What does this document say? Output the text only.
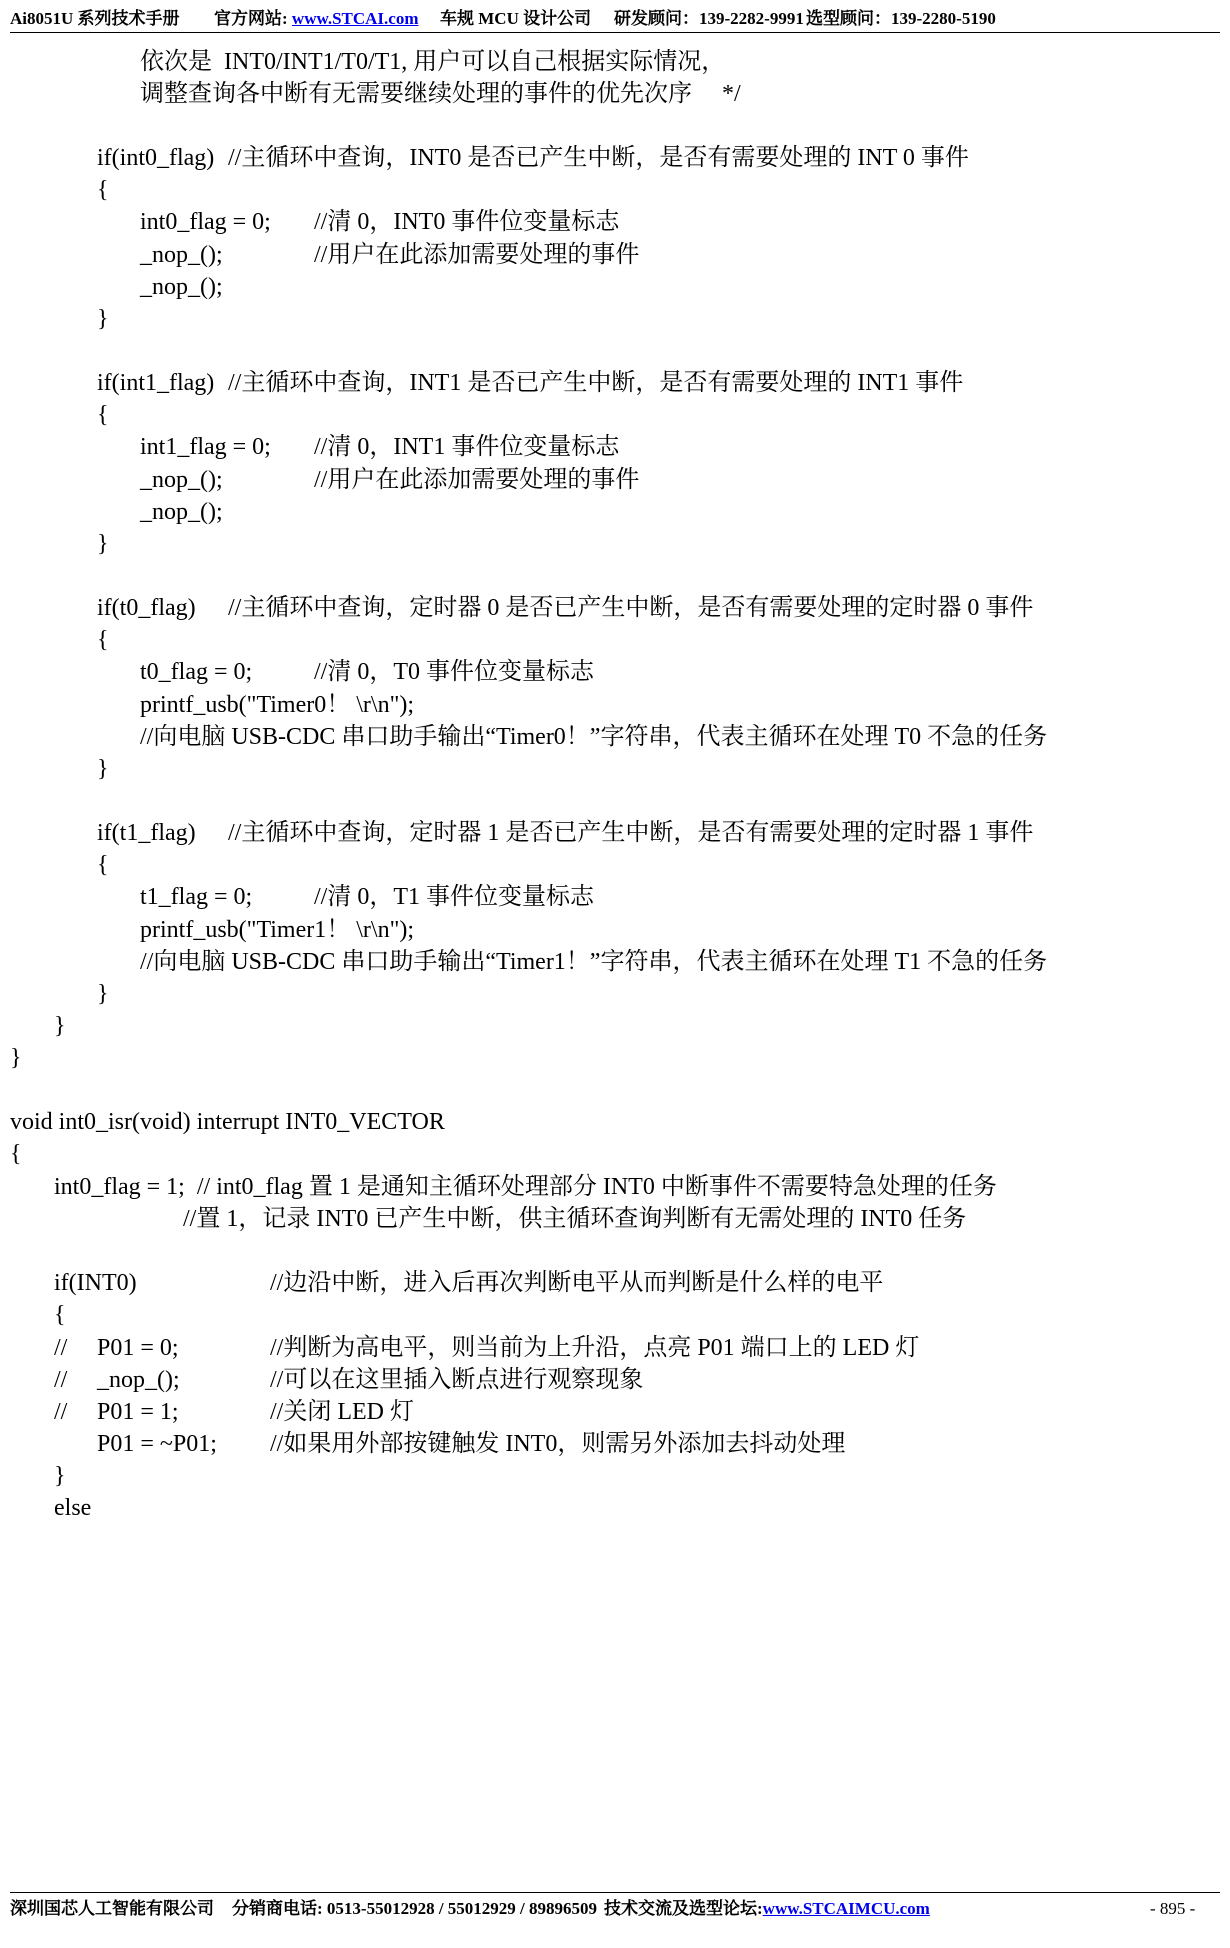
Ai8051U 系列技术手册 官方网站: www.STCAI.com 车规 MCU 设计公司 研发顾问：139-2282-9991 选型顾问：139-2280-5190
依次是  INT0/INT1/T0/T1, 用户可以自己根据实际情况，
调整查询各中断有无需要继续处理的事件的优先次序     */
if(int0_flag) //主循环中查询，INT0 是否已产生中断，是否有需要处理的 INT 0 事件
{
int0_flag = 0; //清 0，INT0 事件位变量标志
_nop_();	//用户在此添加需要处理的事件
_nop_();
}
if(int1_flag) //主循环中查询，INT1 是否已产生中断，是否有需要处理的 INT1 事件
{
int1_flag = 0; //清 0，INT1 事件位变量标志
_nop_();	//用户在此添加需要处理的事件
_nop_();
}
if(t0_flag) //主循环中查询，定时器 0 是否已产生中断，是否有需要处理的定时器 0 事件
{
t0_flag = 0;	//清 0，T0 事件位变量标志
printf_usb("Timer0！ \r\n");
//向电脑 USB-CDC 串口助手输出“Timer0！”字符串，代表主循环在处理 T0 不急的任务
}
if(t1_flag) //主循环中查询，定时器 1 是否已产生中断，是否有需要处理的定时器 1 事件
{
t1_flag = 0;	//清 0，T1 事件位变量标志
printf_usb("Timer1！ \r\n");
//向电脑 USB-CDC 串口助手输出“Timer1！”字符串，代表主循环在处理 T1 不急的任务
}
}
}
void int0_isr(void) interrupt INT0_VECTOR
{
int0_flag = 1;  // int0_flag 置 1 是通知主循环处理部分 INT0 中断事件不需要特急处理的任务
//置 1，记录 INT0 已产生中断，供主循环查询判断有无需处理的 INT0 任务
if(INT0)	//边沿中断，进入后再次判断电平从而判断是什么样的电平
{
// P01 = 0;	//判断为高电平，则当前为上升沿，点亮 P01 端口上的 LED 灯
// _nop_();	//可以在这里插入断点进行观察现象
// P01 = 1;	//关闭 LED 灯
P01 = ~P01; //如果用外部按键触发 INT0，则需另外添加去抖动处理
}
else
深圳国芯人工智能有限公司 分销商电话: 0513-55012928 / 55012929 / 89896509 技术交流及选型论坛:www.STCAIMCU.com	- 895 -
